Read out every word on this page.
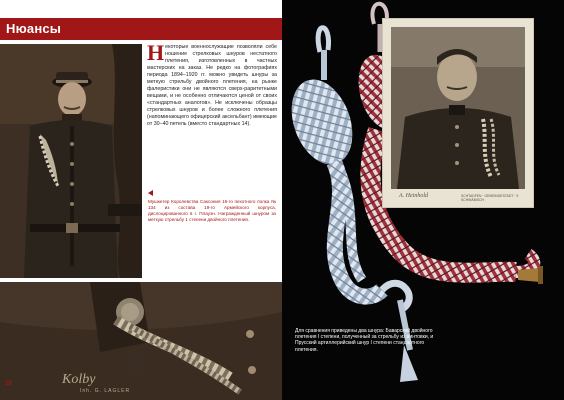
Нюансы
Н екоторые военнослужащие позволяли себе ношение стрелковых шнуров нестатного плетения, изготовленных в частных мастерских на заказ. Не редко на фотографиях периода 1894–1920 гг. можно увидеть шнуры за меткую стрельбу двойного плетения, на рынке фалеристики они не являются сверх-раритетными вещами, и не особенно отличаются ценой от своих «стандартных аналогов». Не исключены образцы стрелковых шнуров и более сложного плетения (напоминающего офицерский аксельбант) имеющие от 30–40 петель (вместо стандартных 14).
Мушкетер Королевства Саксония 16-го пехотного полка № 134 из состава 19-го Армейского корпуса, дислоцированного в г. Плауэн. Награжденный шнуром за меткую стрельбу 1 степени двойного плетения.
Kolby
Inh. G. LAGLER
10
СОЛДАТСКИЕ НАГРАДЫ · ШНУРЫ
A. Heinhold	SCHTADFEN · GEMEINDESTADT · 9 SCHWÄBISCH
Для сравнения приведены два шнура: Баварский двойного плетения I степени, полученный за стрельбу из винтовки, и Прусский артиллерийский шнур I степени стандартного плетения.
